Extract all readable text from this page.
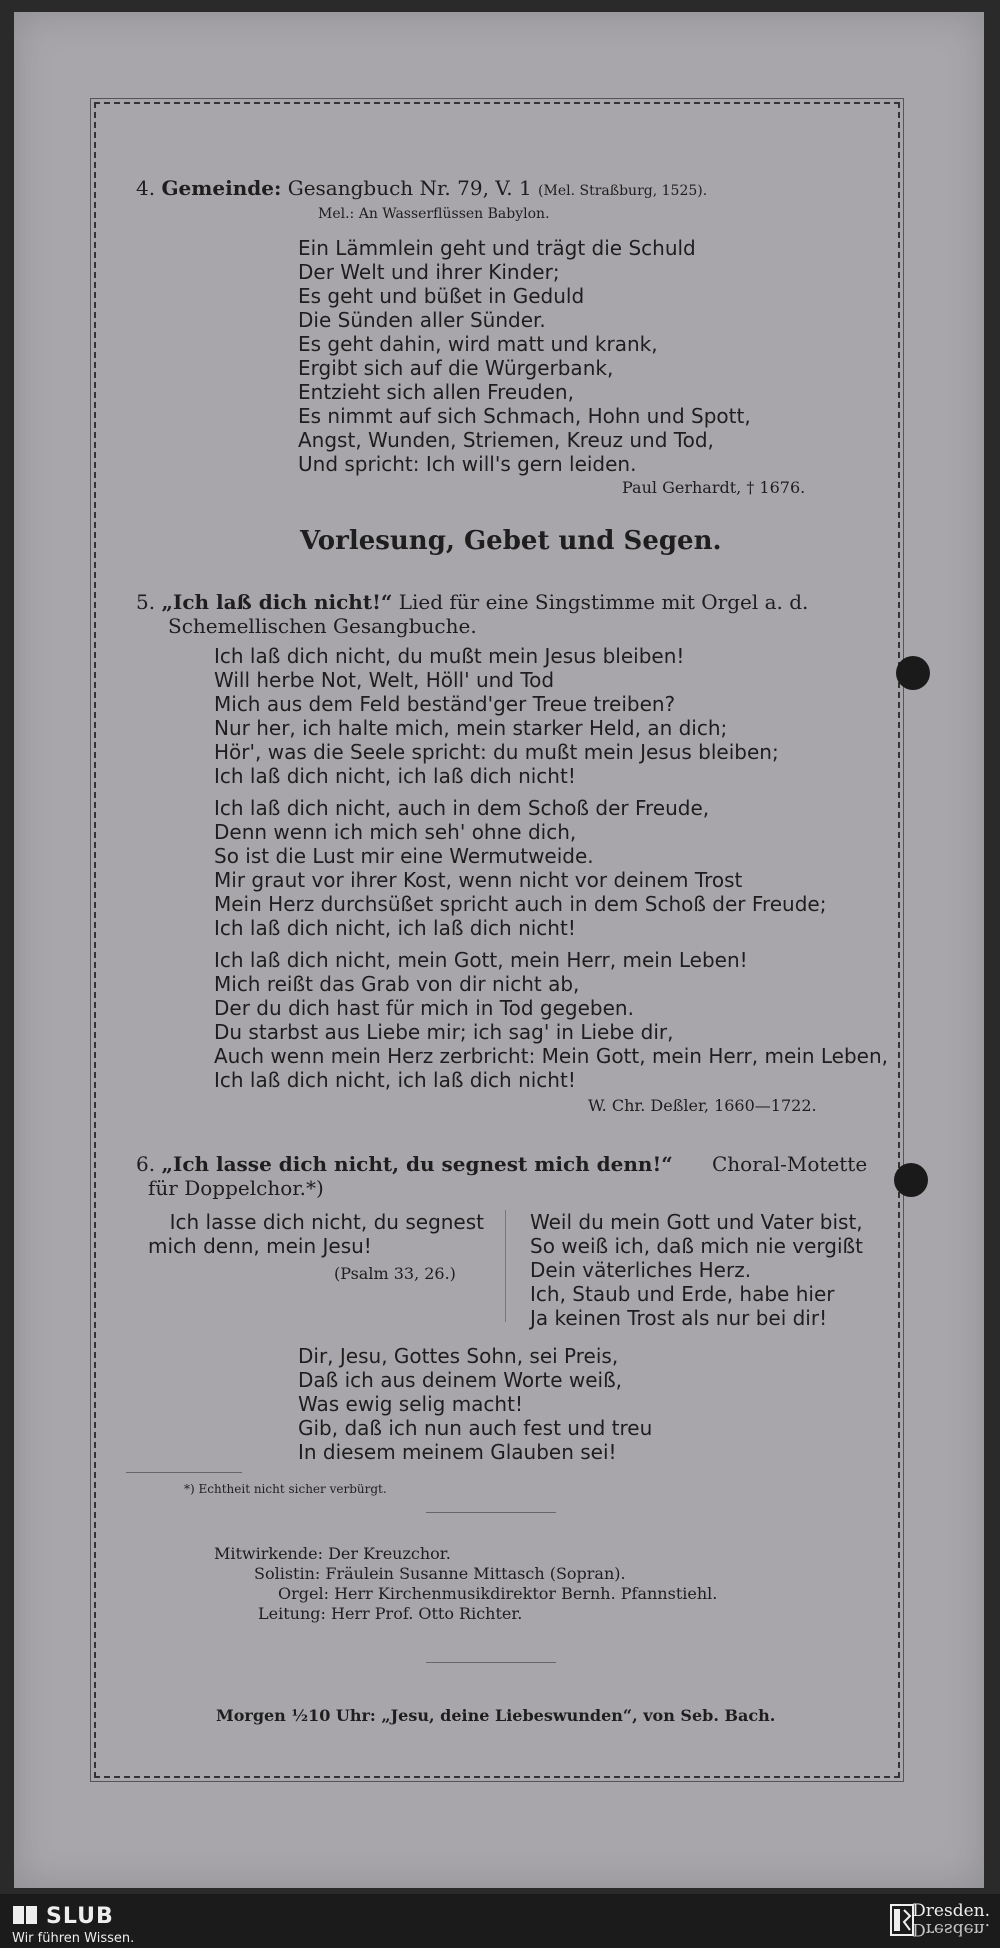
4. Gemeinde: Gesangbuch Nr. 79, V. 1 (Mel. Straßburg, 1525).
Mel.: An Wasserflüssen Babylon.
Ein Lämmlein geht und trägt die Schuld
Der Welt und ihrer Kinder;
Es geht und büßet in Geduld
Die Sünden aller Sünder.
Es geht dahin, wird matt und krank,
Ergibt sich auf die Würgerbank,
Entzieht sich allen Freuden,
Es nimmt auf sich Schmach, Hohn und Spott,
Angst, Wunden, Striemen, Kreuz und Tod,
Und spricht: Ich will's gern leiden.
Paul Gerhardt, † 1676.
Vorlesung, Gebet und Segen.
5. „Ich laß dich nicht!“ Lied für eine Singstimme mit Orgel a. d.
Schemellischen Gesangbuche.
Ich laß dich nicht, du mußt mein Jesus bleiben!
Will herbe Not, Welt, Höll' und Tod
Mich aus dem Feld beständ'ger Treue treiben?
Nur her, ich halte mich, mein starker Held, an dich;
Hör', was die Seele spricht: du mußt mein Jesus bleiben;
Ich laß dich nicht, ich laß dich nicht!
Ich laß dich nicht, auch in dem Schoß der Freude,
Denn wenn ich mich seh' ohne dich,
So ist die Lust mir eine Wermutweide.
Mir graut vor ihrer Kost, wenn nicht vor deinem Trost
Mein Herz durchsüßet spricht auch in dem Schoß der Freude;
Ich laß dich nicht, ich laß dich nicht!
Ich laß dich nicht, mein Gott, mein Herr, mein Leben!
Mich reißt das Grab von dir nicht ab,
Der du dich hast für mich in Tod gegeben.
Du starbst aus Liebe mir; ich sag' in Liebe dir,
Auch wenn mein Herz zerbricht: Mein Gott, mein Herr, mein Leben,
Ich laß dich nicht, ich laß dich nicht!
W. Chr. Deßler, 1660—1722.
6. „Ich lasse dich nicht, du segnest mich denn!“ Choral-Motette
für Doppelchor.*)
Ich lasse dich nicht, du segnest
mich denn, mein Jesu!
(Psalm 33, 26.)
Weil du mein Gott und Vater bist,
So weiß ich, daß mich nie vergißt
Dein väterliches Herz.
Ich, Staub und Erde, habe hier
Ja keinen Trost als nur bei dir!
Dir, Jesu, Gottes Sohn, sei Preis,
Daß ich aus deinem Worte weiß,
Was ewig selig macht!
Gib, daß ich nun auch fest und treu
In diesem meinem Glauben sei!
*) Echtheit nicht sicher verbürgt.
Mitwirkende: Der Kreuzchor.
Solistin: Fräulein Susanne Mittasch (Sopran).
Orgel: Herr Kirchenmusikdirektor Bernh. Pfannstiehl.
Leitung: Herr Prof. Otto Richter.
Morgen ½10 Uhr: „Jesu, deine Liebeswunden“, von Seb. Bach.
SLUB
Wir führen Wissen.
Dresden.
Dresden.
